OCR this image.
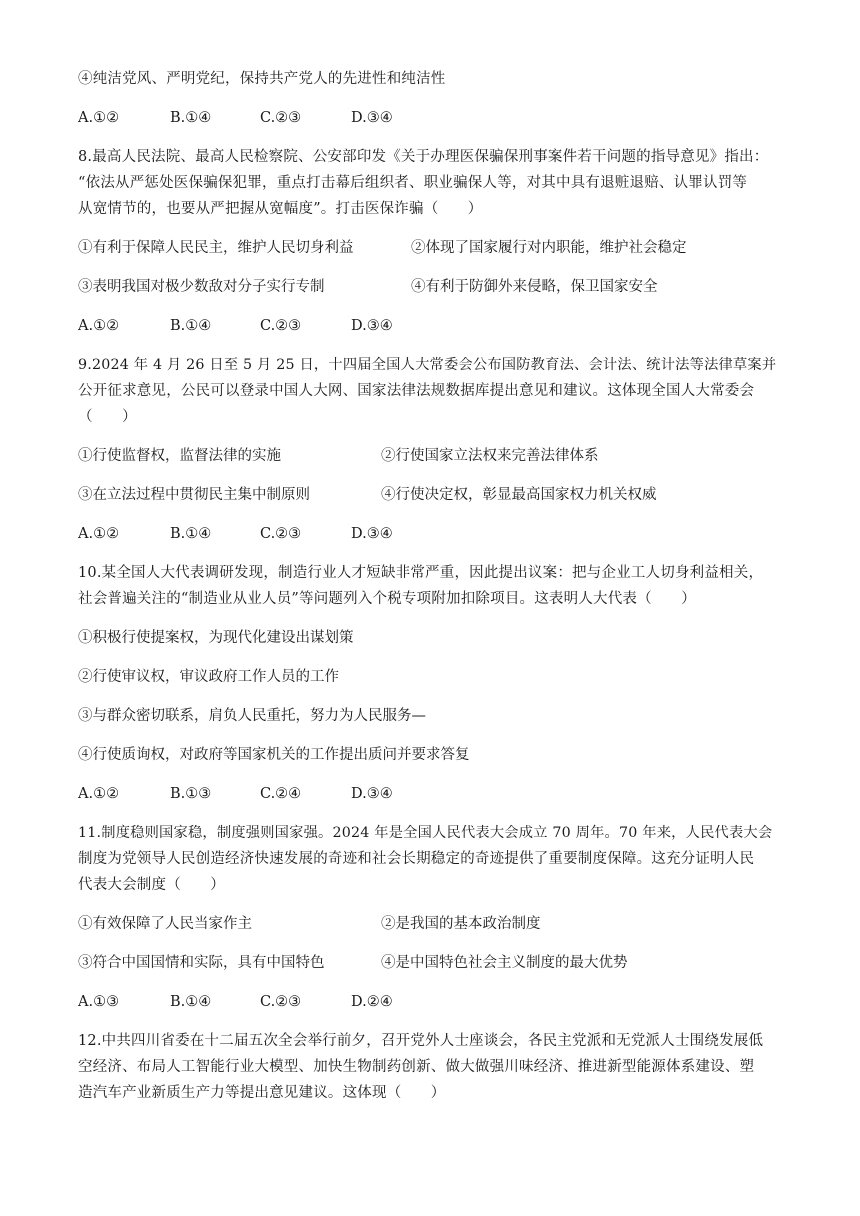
④纯洁党风、严明党纪，保持共产党人的先进性和纯洁性
A.①②	B.①④	C.②③	D.③④
8.最高人民法院、最高人民检察院、公安部印发《关于办理医保骗保刑事案件若干问题的指导意见》指出：
“依法从严惩处医保骗保犯罪，重点打击幕后组织者、职业骗保人等，对其中具有退赃退赔、认罪认罚等
从宽情节的，也要从严把握从宽幅度”。打击医保诈骗（　　）
①有利于保障人民民主，维护人民切身利益	②体现了国家履行对内职能，维护社会稳定
③表明我国对极少数敌对分子实行专制	④有利于防御外来侵略，保卫国家安全
A.①②	B.①④	C.②③	D.③④
9.2024 年 4 月 26 日至 5 月 25 日，十四届全国人大常委会公布国防教育法、会计法、统计法等法律草案并
公开征求意见，公民可以登录中国人大网、国家法律法规数据库提出意见和建议。这体现全国人大常委会
（　　）
①行使监督权，监督法律的实施	②行使国家立法权来完善法律体系
③在立法过程中贯彻民主集中制原则	④行使决定权，彰显最高国家权力机关权威
A.①②	B.①④	C.②③	D.③④
10.某全国人大代表调研发现，制造行业人才短缺非常严重，因此提出议案：把与企业工人切身利益相关，
社会普遍关注的“制造业从业人员”等问题列入个税专项附加扣除项目。这表明人大代表（　　）
①积极行使提案权，为现代化建设出谋划策
②行使审议权，审议政府工作人员的工作
③与群众密切联系，肩负人民重托，努力为人民服务—
④行使质询权，对政府等国家机关的工作提出质问并要求答复
A.①②	B.①③	C.②④	D.③④
11.制度稳则国家稳，制度强则国家强。2024 年是全国人民代表大会成立 70 周年。70 年来，人民代表大会
制度为党领导人民创造经济快速发展的奇迹和社会长期稳定的奇迹提供了重要制度保障。这充分证明人民
代表大会制度（　　）
①有效保障了人民当家作主	②是我国的基本政治制度
③符合中国国情和实际，具有中国特色	④是中国特色社会主义制度的最大优势
A.①③	B.①④	C.②③	D.②④
12.中共四川省委在十二届五次全会举行前夕，召开党外人士座谈会，各民主党派和无党派人士围绕发展低
空经济、布局人工智能行业大模型、加快生物制药创新、做大做强川味经济、推进新型能源体系建设、塑
造汽车产业新质生产力等提出意见建议。这体现（　　）
